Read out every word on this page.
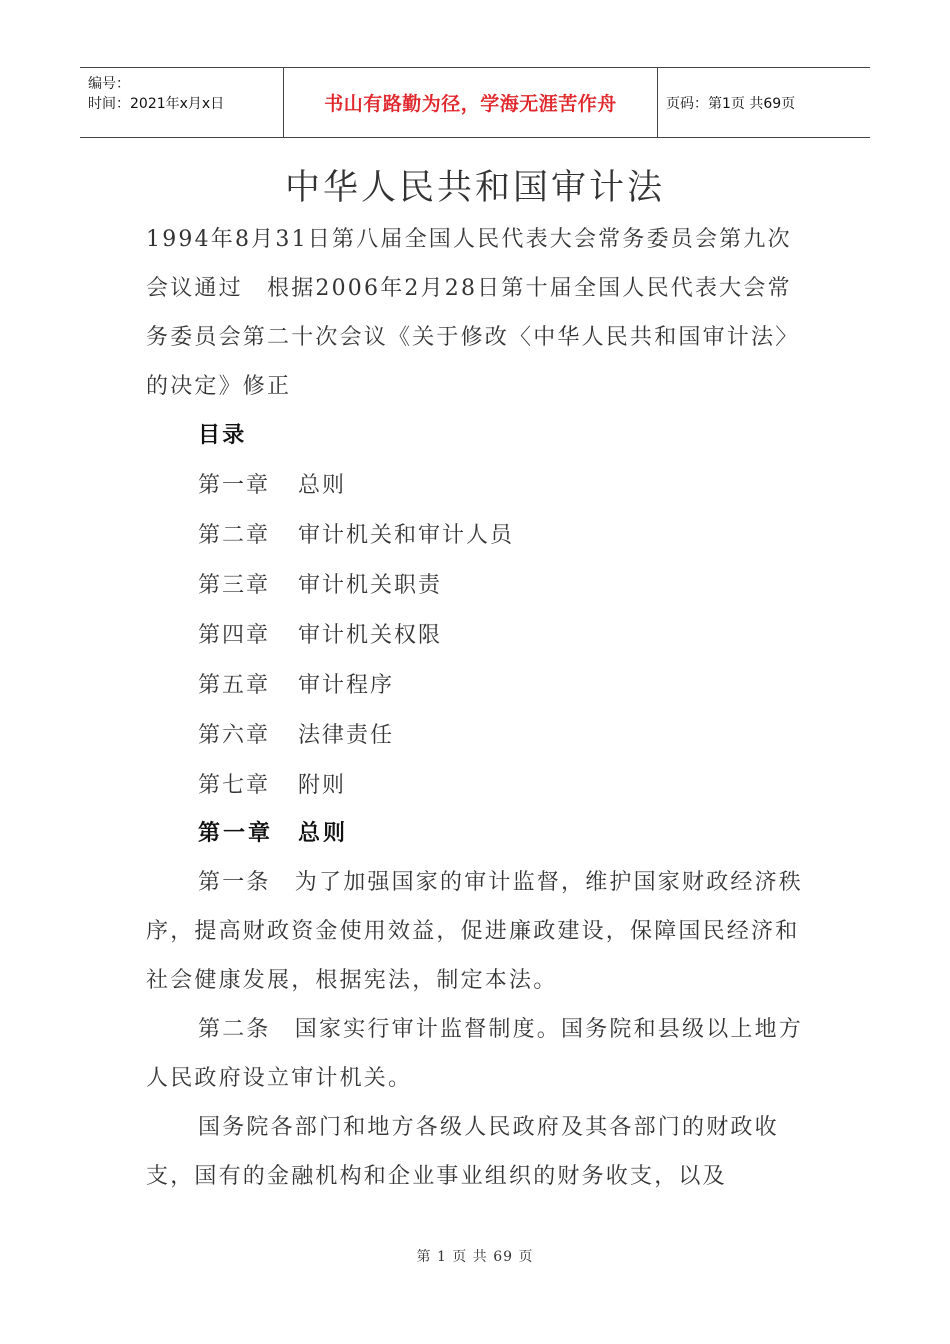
编号：
时间：2021年x月x日	书山有路勤为径，学海无涯苦作舟	页码：第1页 共69页
中华人民共和国审计法
1994年8月31日第八届全国人民代表大会常务委员会第九次会议通过　根据2006年2月28日第十届全国人民代表大会常务委员会第二十次会议《关于修改〈中华人民共和国审计法〉的决定》修正
目录
第一章 总则
第二章 审计机关和审计人员
第三章 审计机关职责
第四章 审计机关权限
第五章 审计程序
第六章 法律责任
第七章 附则
第一章　总则
第一条　为了加强国家的审计监督，维护国家财政经济秩序，提高财政资金使用效益，促进廉政建设，保障国民经济和社会健康发展，根据宪法，制定本法。
第二条　国家实行审计监督制度。国务院和县级以上地方人民政府设立审计机关。
国务院各部门和地方各级人民政府及其各部门的财政收支，国有的金融机构和企业事业组织的财务收支，以及
第 1 页 共 69 页
